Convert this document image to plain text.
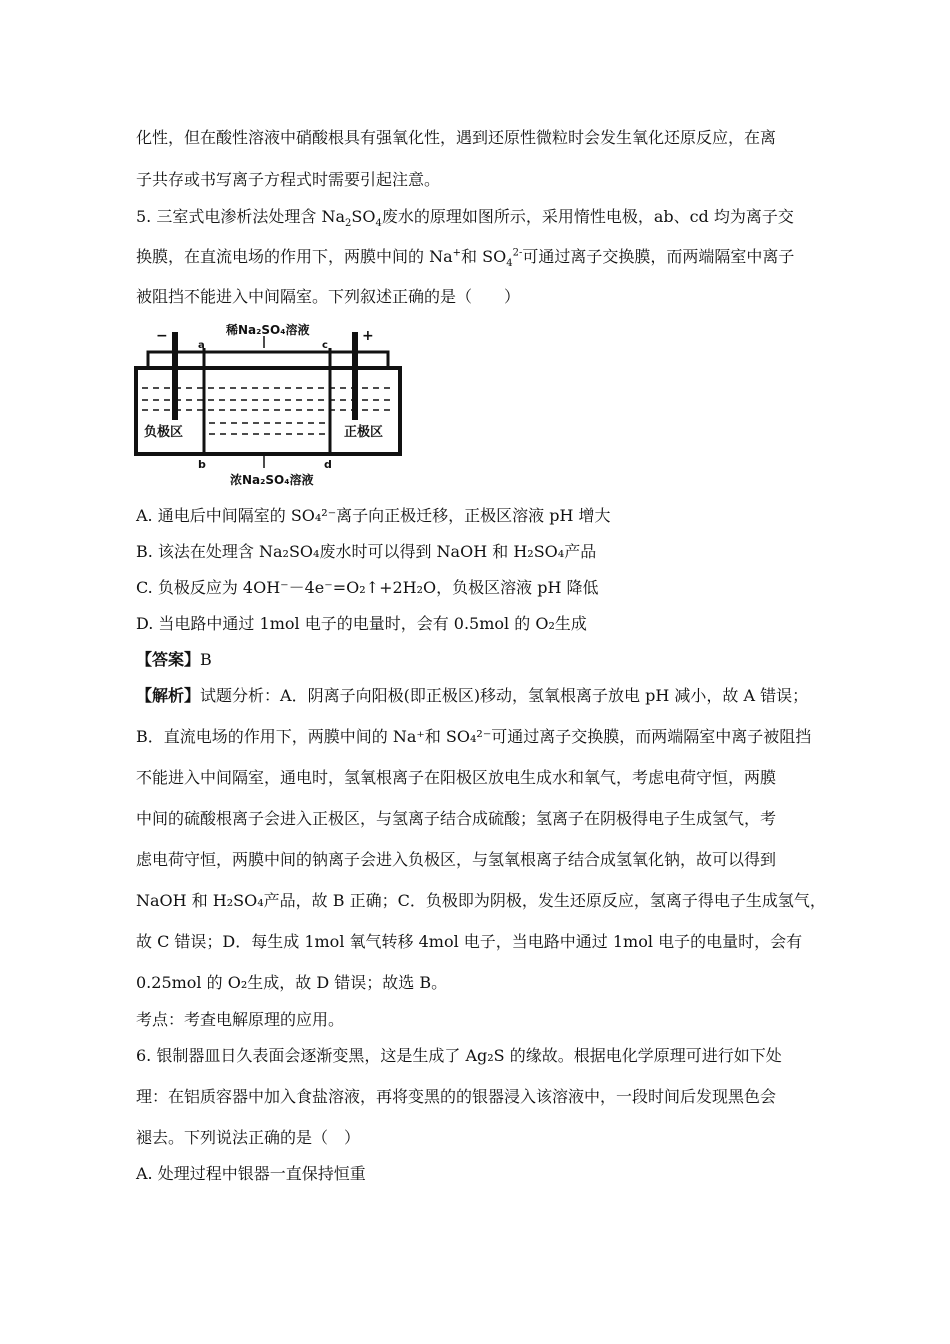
化性，但在酸性溶液中硝酸根具有强氧化性，遇到还原性微粒时会发生氧化还原反应，在离
子共存或书写离子方程式时需要引起注意。
5. 三室式电渗析法处理含 $Na_2SO_4$废水的原理如图所示，采用惰性电极，ab、cd 均为离子交
换膜，在直流电场的作用下，两膜中间的 Na+和 $SO_4^{2-}$可通过离子交换膜，而两端隔室中离子
被阻挡不能进入中间隔室。下列叙述正确的是（　　）
−	+
稀Na₂SO₄溶液
浓Na₂SO₄溶液
a
b
c
d
负极区	正极区
A. 通电后中间隔室的 SO₄²⁻离子向正极迁移，正极区溶液 pH 增大
B. 该法在处理含 Na₂SO₄废水时可以得到 NaOH 和 H₂SO₄产品
C. 负极反应为 4OH⁻－4e⁻=O₂↑+2H₂O，负极区溶液 pH 降低
D. 当电路中通过 1mol 电子的电量时，会有 0.5mol 的 O₂生成
【答案】B
【解析】试题分析：A．阴离子向阳极(即正极区)移动，氢氧根离子放电 pH 减小，故 A 错误；
B．直流电场的作用下，两膜中间的 Na⁺和 SO₄²⁻可通过离子交换膜，而两端隔室中离子被阻挡
不能进入中间隔室，通电时，氢氧根离子在阳极区放电生成水和氧气，考虑电荷守恒，两膜
中间的硫酸根离子会进入正极区，与氢离子结合成硫酸；氢离子在阴极得电子生成氢气，考
虑电荷守恒，两膜中间的钠离子会进入负极区，与氢氧根离子结合成氢氧化钠，故可以得到
NaOH 和 H₂SO₄产品，故 B 正确；C．负极即为阴极，发生还原反应，氢离子得电子生成氢气，
故 C 错误；D．每生成 1mol 氧气转移 4mol 电子，当电路中通过 1mol 电子的电量时，会有
0.25mol 的 O₂生成，故 D 错误；故选 B。
考点：考查电解原理的应用。
6. 银制器皿日久表面会逐渐变黑，这是生成了 Ag₂S 的缘故。根据电化学原理可进行如下处
理：在铝质容器中加入食盐溶液，再将变黑的的银器浸入该溶液中，一段时间后发现黑色会
褪去。下列说法正确的是（　）
A. 处理过程中银器一直保持恒重
